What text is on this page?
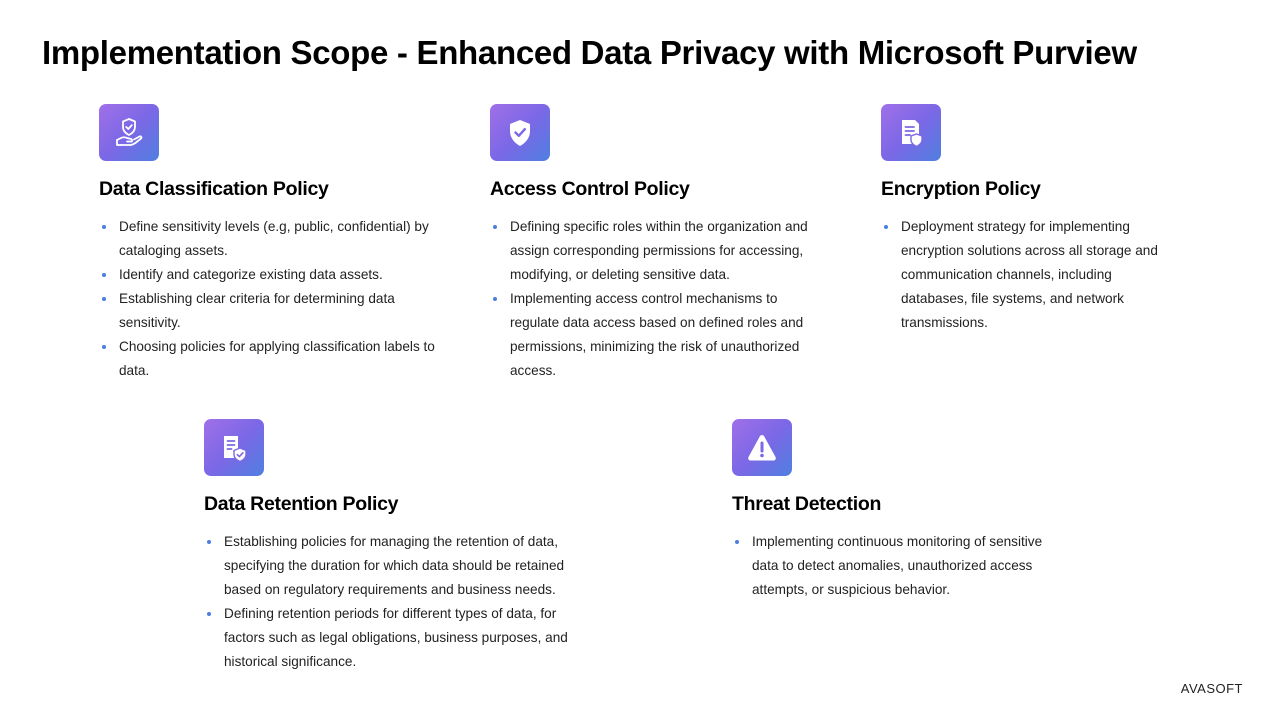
Implementation Scope - Enhanced Data Privacy with Microsoft Purview
Data Classification Policy
Define sensitivity levels (e.g, public, confidential) by cataloging assets.
Identify and categorize existing data assets.
Establishing clear criteria for determining data sensitivity.
Choosing policies for applying classification labels to data.
Access Control Policy
Defining specific roles within the organization and assign corresponding permissions for accessing, modifying, or deleting sensitive data.
Implementing access control mechanisms to regulate data access based on defined roles and permissions, minimizing the risk of unauthorized access.
Encryption Policy
Deployment strategy for implementing encryption solutions across all storage and communication channels, including databases, file systems, and network transmissions.
Data Retention Policy
Establishing policies for managing the retention of data, specifying the duration for which data should be retained based on regulatory requirements and business needs.
Defining retention periods for different types of data, for factors such as legal obligations, business purposes, and historical significance.
Threat Detection
Implementing continuous monitoring of sensitive data to detect anomalies, unauthorized access attempts, or suspicious behavior.
AVASOFT
